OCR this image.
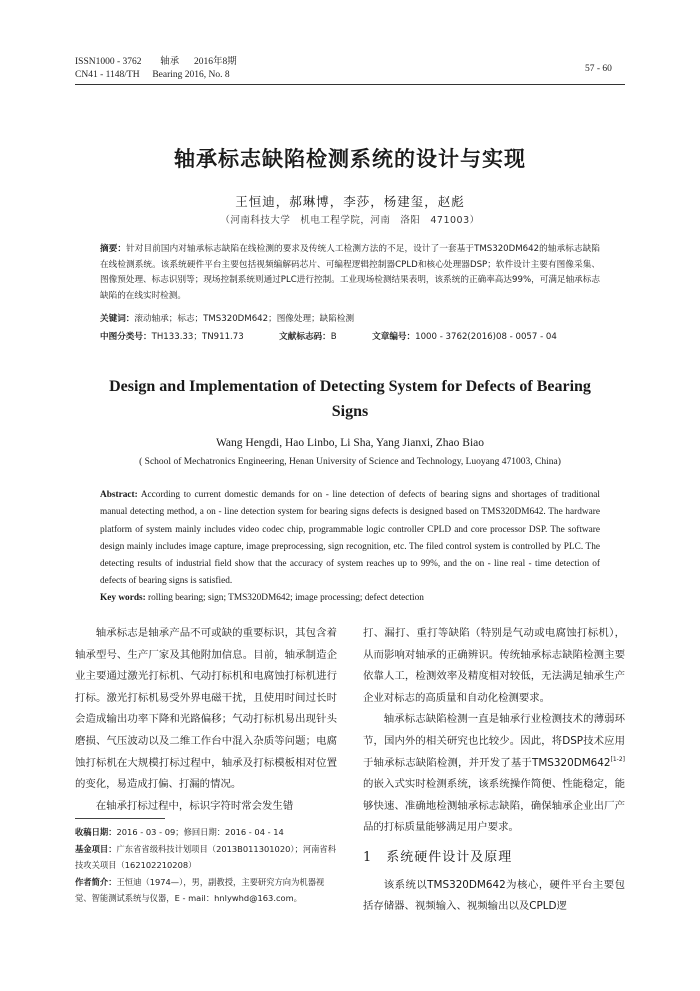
ISSN1000 - 3762 轴承 2016年8期
CN41 - 1148/TH Bearing 2016, No. 8
57 - 60
轴承标志缺陷检测系统的设计与实现
王恒迪，郝琳博，李莎，杨建玺，赵彪
（河南科技大学　机电工程学院，河南　洛阳　471003）
摘要：针对目前国内对轴承标志缺陷在线检测的要求及传统人工检测方法的不足，设计了一套基于TMS320DM642的轴承标志缺陷在线检测系统。该系统硬件平台主要包括视频编解码芯片、可编程逻辑控制器CPLD和核心处理器DSP；软件设计主要有图像采集、图像预处理、标志识别等；现场控制系统则通过PLC进行控制。工业现场检测结果表明，该系统的正确率高达99%，可满足轴承标志缺陷的在线实时检测。
关键词：滚动轴承；标志；TMS320DM642；图像处理；缺陷检测
中图分类号：TH133.33；TN911.73	文献标志码：B	文章编号：1000 - 3762(2016)08 - 0057 - 04
Design and Implementation of Detecting System for Defects of Bearing Signs
Wang Hengdi, Hao Linbo, Li Sha, Yang Jianxi, Zhao Biao
( School of Mechatronics Engineering, Henan University of Science and Technology, Luoyang 471003, China)
Abstract: According to current domestic demands for on - line detection of defects of bearing signs and shortages of traditional manual detecting method, a on - line detection system for bearing signs defects is designed based on TMS320DM642. The hardware platform of system mainly includes video codec chip, programmable logic controller CPLD and core processor DSP. The software design mainly includes image capture, image preprocessing, sign recognition, etc. The filed control system is controlled by PLC. The detecting results of industrial field show that the accuracy of system reaches up to 99%, and the on - line real - time detection of defects of bearing signs is satisfied.
Key words: rolling bearing; sign; TMS320DM642; image processing; defect detection

轴承标志是轴承产品不可或缺的重要标识，其包含着轴承型号、生产厂家及其他附加信息。目前，轴承制造企业主要通过激光打标机、气动打标机和电腐蚀打标机进行打标。激光打标机易受外界电磁干扰，且使用时间过长时会造成输出功率下降和光路偏移；气动打标机易出现针头磨损、气压波动以及二维工作台中混入杂质等问题；电腐蚀打标机在大规模打标过程中，轴承及打标模板相对位置的变化，易造成打偏、打漏的情况。

在轴承打标过程中，标识字符时常会发生错

收稿日期：2016 - 03 - 09；修回日期：2016 - 04 - 14

基金项目：广东省省级科技计划项目（2013B011301020）；河南省科技攻关项目（162102210208）

作者简介：王恒迪（1974—），男，副教授，主要研究方向为机器视觉、智能测试系统与仪器，E - mail：hnlywhd@163.com。

打、漏打、重打等缺陷（特别是气动或电腐蚀打标机），从而影响对轴承的正确辨识。传统轴承标志缺陷检测主要依靠人工，检测效率及精度相对较低，无法满足轴承生产企业对标志的高质量和自动化检测要求。

轴承标志缺陷检测一直是轴承行业检测技术的薄弱环节，国内外的相关研究也比较少。因此，将DSP技术应用于轴承标志缺陷检测，并开发了基于TMS320DM642[1-2]的嵌入式实时检测系统，该系统操作简便、性能稳定，能够快速、准确地检测轴承标志缺陷，确保轴承企业出厂产品的打标质量能够满足用户要求。

1 系统硬件设计及原理

该系统以TMS320DM642为核心，硬件平台主要包括存储器、视频输入、视频输出以及CPLD逻
